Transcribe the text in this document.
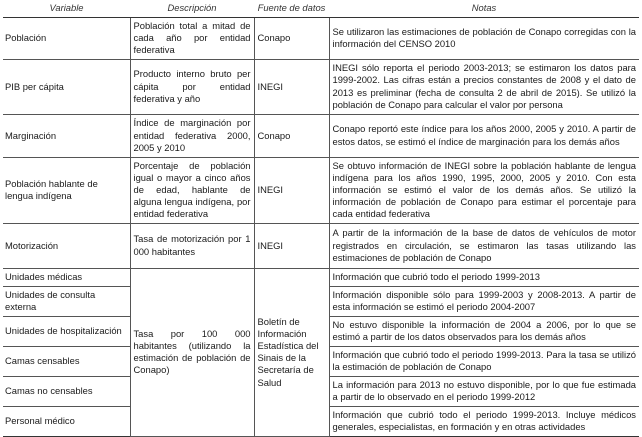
Variable	Descripción	Fuente de datos	Notas
Población	Población total a mitad de cada año por entidad federativa	Conapo	Se utilizaron las estimaciones de población de Conapo corregidas con la información del CENSO 2010
PIB per cápita	Producto interno bruto per cápita por entidad federativa y año	INEGI	INEGI sólo reporta el periodo 2003-2013; se estimaron los datos para 1999-2002. Las cifras están a precios constantes de 2008 y el dato de 2013 es preliminar (fecha de consulta 2 de abril de 2015). Se utilizó la población de Conapo para calcular el valor por persona
Marginación	Índice de marginación por entidad federativa 2000, 2005 y 2010	Conapo	Conapo reportó este índice para los años 2000, 2005 y 2010. A partir de estos datos, se estimó el índice de marginación para los demás años
Población hablante de lengua indígena	Porcentaje de población igual o mayor a cinco años de edad, hablante de alguna lengua indígena, por entidad federativa	INEGI	Se obtuvo información de INEGI sobre la población hablante de lengua indígena para los años 1990, 1995, 2000, 2005 y 2010. Con esta información se estimó el valor de los demás años. Se utilizó la información de población de Conapo para estimar el porcentaje para cada entidad federativa
Motorización	Tasa de motorización por 1 000 habitantes	INEGI	A partir de la información de la base de datos de vehículos de motor registrados en circulación, se estimaron las tasas utilizando las estimaciones de población de Conapo
Unidades médicas	Tasa por 100 000 habitantes (utilizando la estimación de población de Conapo)	Boletín de Información Estadística del Sinais de la Secretaría de Salud	Información que cubrió todo el periodo 1999-2013
Unidades de consulta externa			Información disponible sólo para 1999-2003 y 2008-2013. A partir de esta información se estimó el periodo 2004-2007
Unidades de hospitalización			No estuvo disponible la información de 2004 a 2006, por lo que se estimó a partir de los datos observados para los demás años
Camas censables			Información que cubrió todo el periodo 1999-2013. Para la tasa se utilizó la estimación de población de Conapo
Camas no censables			La información para 2013 no estuvo disponible, por lo que fue estimada a partir de lo observado en el periodo 1999-2012
Personal médico			Información que cubrió todo el periodo 1999-2013. Incluye médicos generales, especialistas, en formación y en otras actividades
